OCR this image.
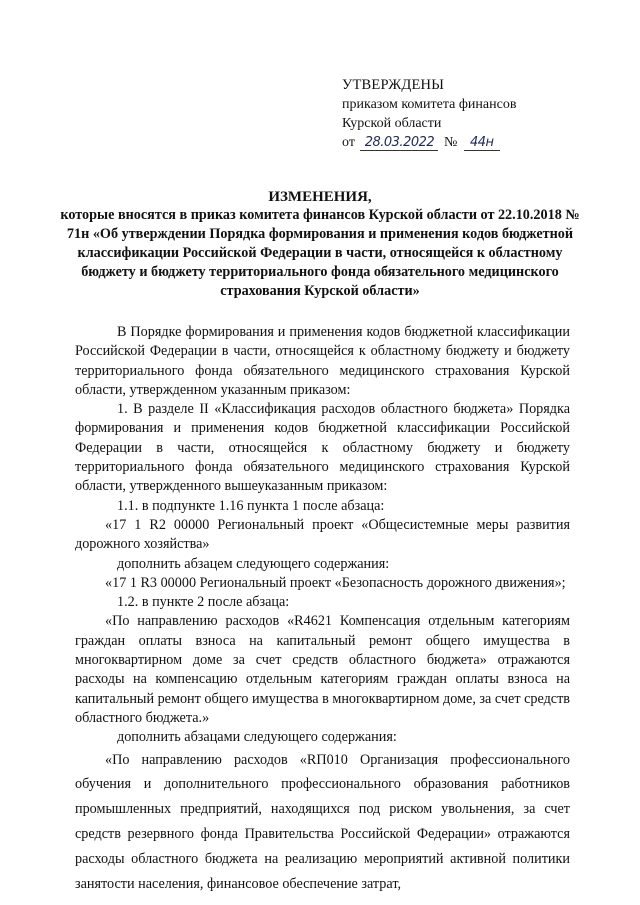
УТВЕРЖДЕНЫ
приказом комитета финансов
Курской области
от 28.03.2022 № 44н
ИЗМЕНЕНИЯ,
которые вносятся в приказ комитета финансов Курской области от 22.10.2018 № 71н «Об утверждении Порядка формирования и применения кодов бюджетной классификации Российской Федерации в части, относящейся к областному бюджету и бюджету территориального фонда обязательного медицинского страхования Курской области»

В Порядке формирования и применения кодов бюджетной классификации Российской Федерации в части, относящейся к областному бюджету и бюджету территориального фонда обязательного медицинского страхования Курской области, утвержденном указанным приказом:

1. В разделе II «Классификация расходов областного бюджета» Порядка формирования и применения кодов бюджетной классификации Российской Федерации в части, относящейся к областному бюджету и бюджету территориального фонда обязательного медицинского страхования Курской области, утвержденного вышеуказанным приказом:

1.1. в подпункте 1.16 пункта 1 после абзаца:

«17 1 R2 00000 Региональный проект «Общесистемные меры развития дорожного хозяйства»

дополнить абзацем следующего содержания:

«17 1 R3 00000 Региональный проект «Безопасность дорожного движения»;

1.2. в пункте 2 после абзаца:

«По направлению расходов «R4621 Компенсация отдельным категориям граждан оплаты взноса на капитальный ремонт общего имущества в многоквартирном доме за счет средств областного бюджета» отражаются расходы на компенсацию отдельным категориям граждан оплаты взноса на капитальный ремонт общего имущества в многоквартирном доме, за счет средств областного бюджета.»

дополнить абзацами следующего содержания:

«По направлению расходов «RП010 Организация профессионального обучения и дополнительного профессионального образования работников промышленных предприятий, находящихся под риском увольнения, за счет средств резервного фонда Правительства Российской Федерации» отражаются расходы областного бюджета на реализацию мероприятий активной политики занятости населения, финансовое обеспечение затрат,
